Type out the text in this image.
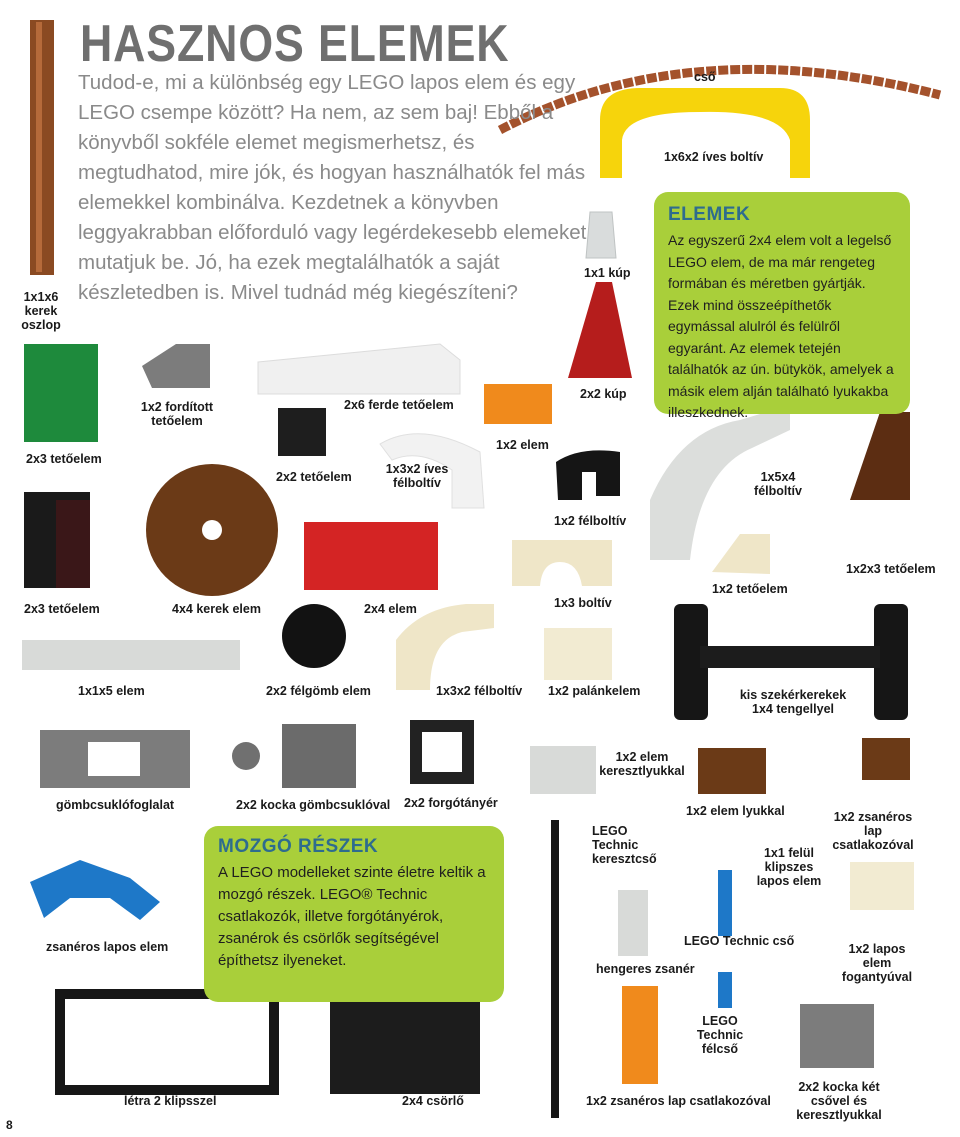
HASZNOS ELEMEK
Tudod-e, mi a különbség egy LEGO lapos elem és egy LEGO csempe között? Ha nem, az sem baj! Ebből a könyvből sokféle elemet megismerhetsz, és megtudhatod, mire jók, és hogyan használhatók fel más elemekkel kombinálva. Kezdetnek a könyvben leggyakrabban előforduló vagy legérdekesebb elemeket mutatjuk be. Jó, ha ezek megtalálhatók a saját készletedben is. Mivel tudnád még kiegészíteni?
ELEMEK

Az egyszerű 2x4 elem volt a legelső LEGO elem, de ma már rengeteg formában és méretben gyártják. Ezek mind összeépíthetők egymással alulról és felülről egyaránt. Az elemek tetején találhatók az ún. bütykök, amelyek a másik elem alján található lyukakba illeszkednek.

MOZGÓ RÉSZEK

A LEGO modelleket szinte életre keltik a mozgó részek. LEGO® Technic csatlakozók, illetve forgótányérok, zsanérok és csörlők segítségével építhetsz ilyeneket.

1x1x6 kerek oszlop
cső
1x6x2 íves boltív
1x1 kúp
2x2 kúp
2x3 tetőelem
1x2 fordított tetőelem
2x6 ferde tetőelem
1x2 elem
2x2 tetőelem
1x3x2 íves félboltív
1x2 félboltív
1x5x4 félboltív
2x3 tetőelem	4x4 kerek elem	2x4 elem	1x3 boltív
1x2 tetőelem
1x2x3 tetőelem
1x1x5 elem	2x2 félgömb elem	1x3x2 félboltív 1x2 palánkelem	kis szekérkerekek 1x4 tengellyel
gömbcsuklófoglalat	2x2 kocka gömbcsuklóval 2x2 forgótányér
1x2 elem keresztlyukkal
LEGO Technic keresztcső
1x2 elem lyukkal	1x2 zsanéros lap csatlakozóval
1x1 felül klipszes lapos elem
zsanéros lapos elem	LEGO Technic cső
hengeres zsanér
1x2 lapos elem fogantyúval
LEGO Technic félcső
létra 2 klipsszel	2x4 csörlő	1x2 zsanéros lap csatlakozóval
2x2 kocka két csővel és keresztlyukkal
8
